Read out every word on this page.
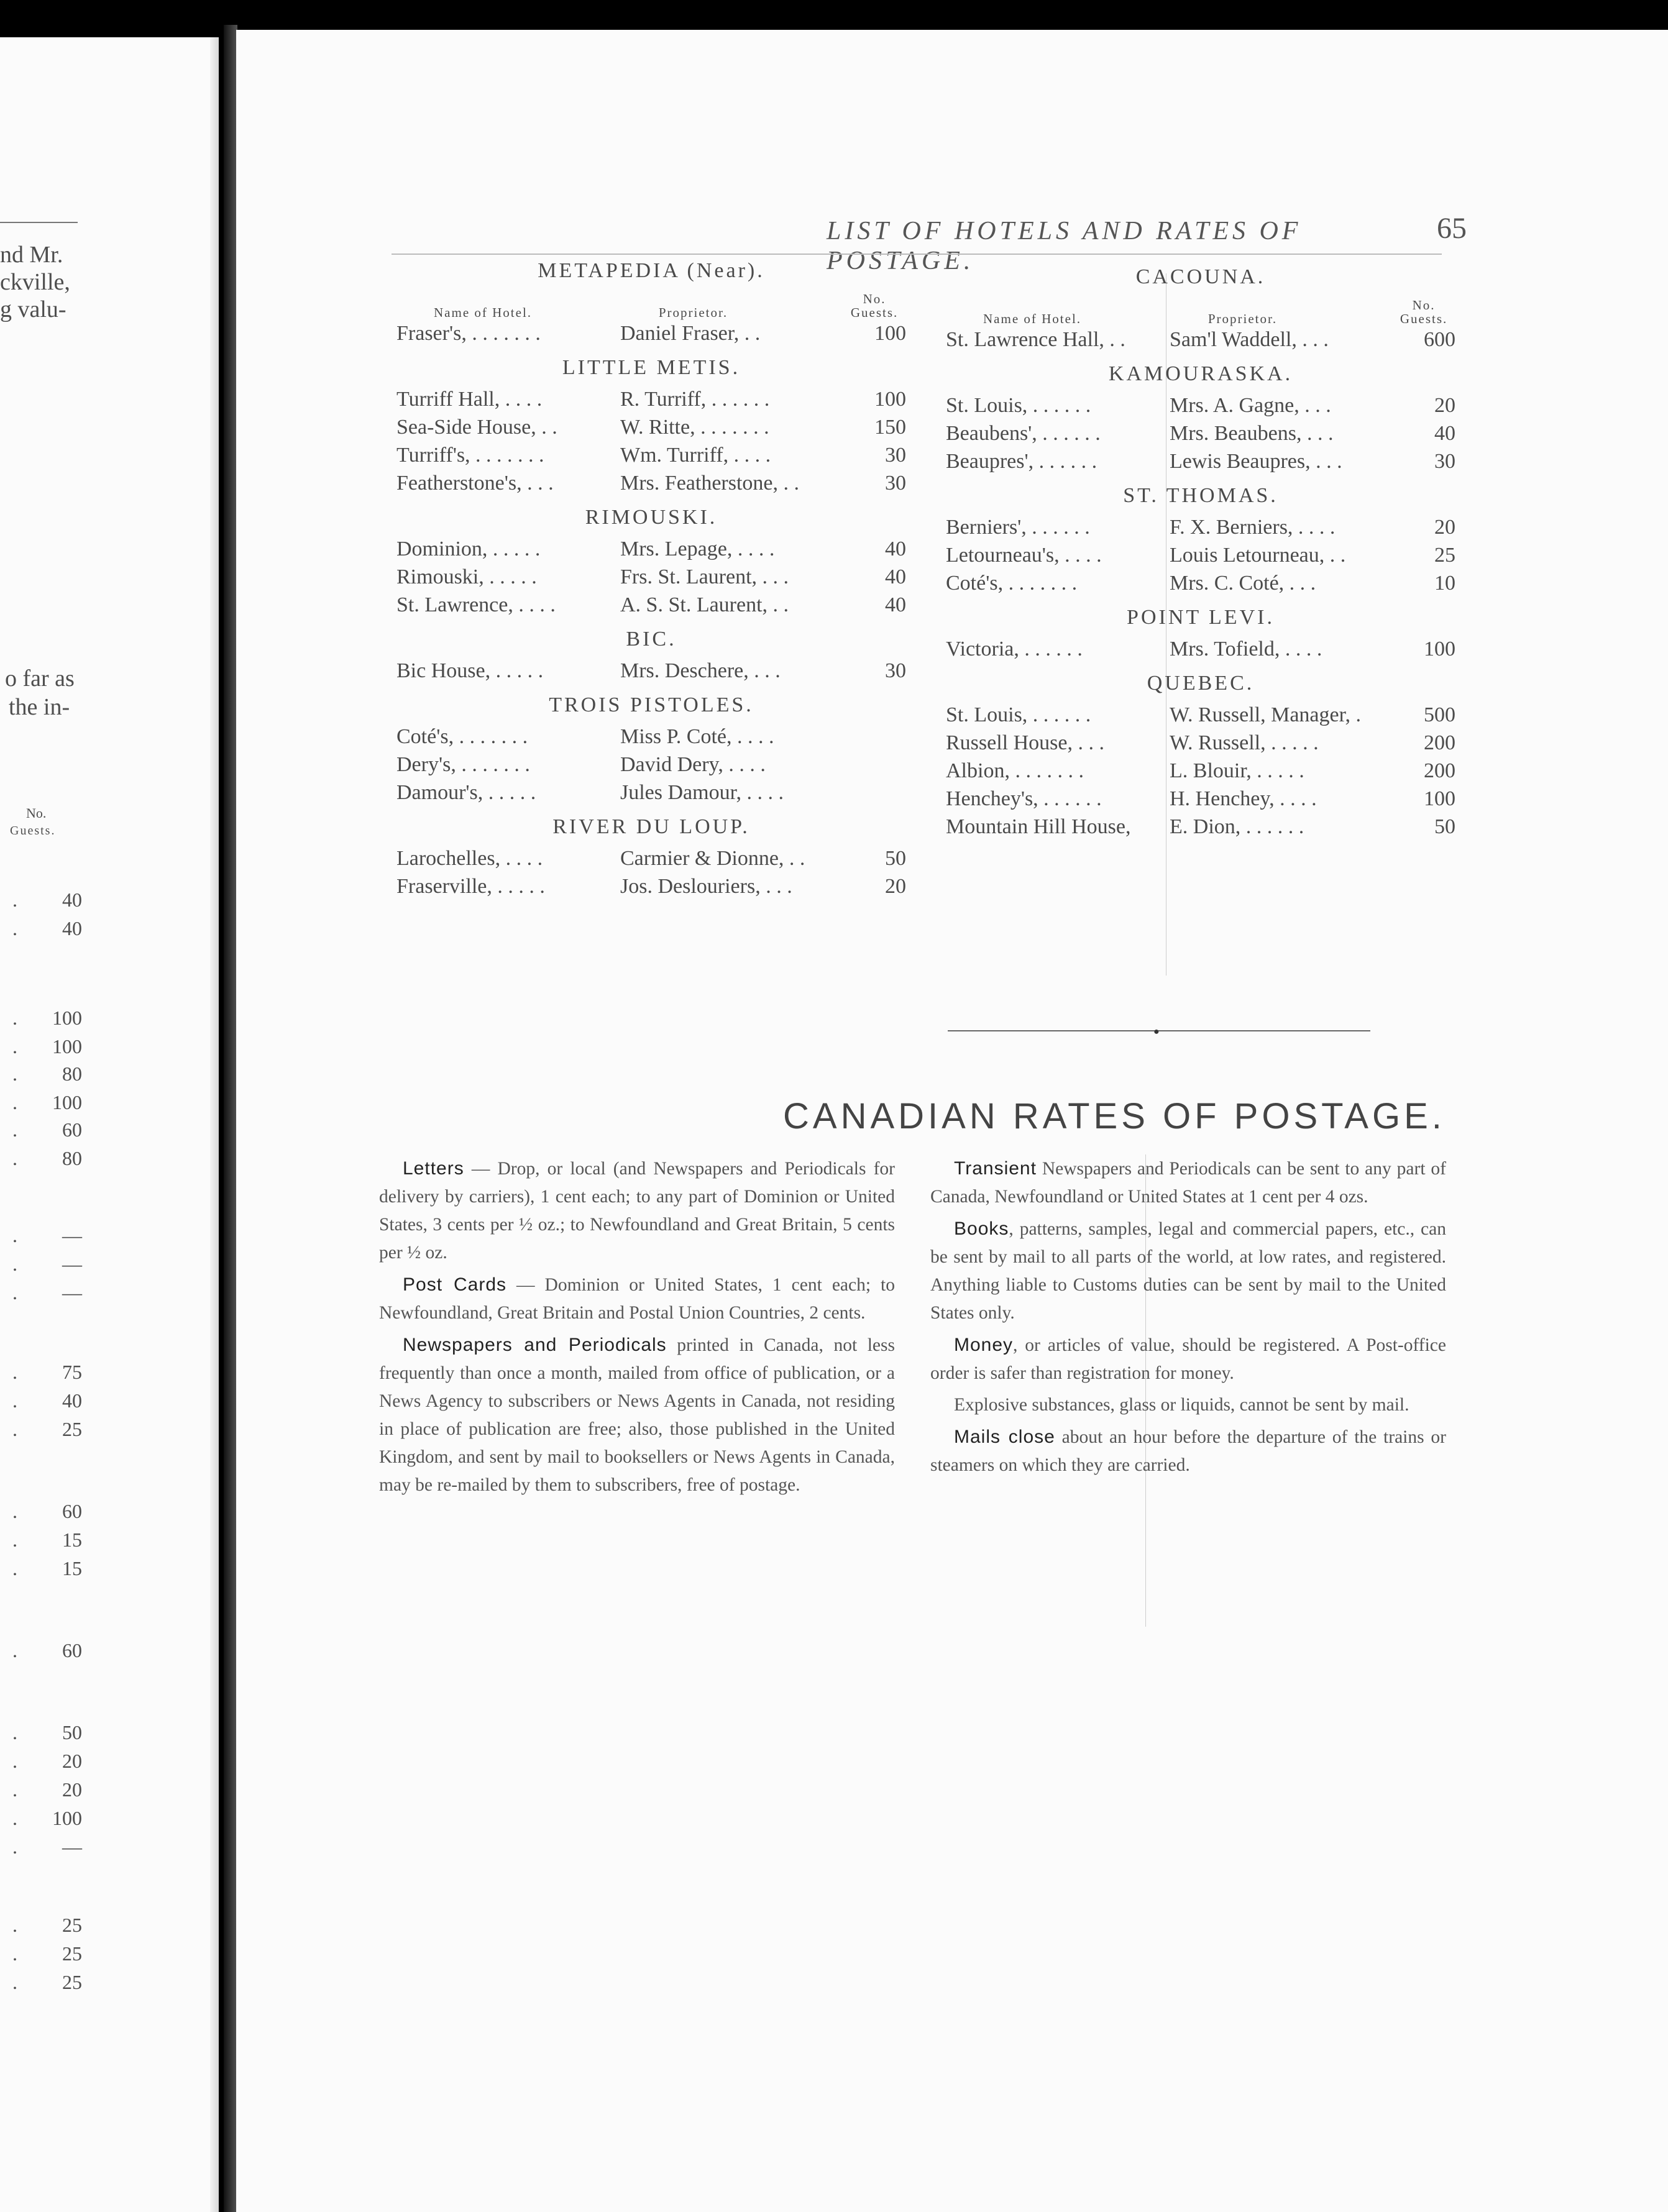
nd Mr.
ckville,
g valu-
o far as
the in-
No.
Guests.
. 40
. 40
. 100
. 100
. 80
. 100
. 60
. 80
. —
. —
. —
. 75
. 40
. 25
. 60
. 15
. 15
. 60
. 50
. 20
. 20
. 100
. —
. 25
. 25
. 25
LIST OF HOTELS AND RATES OF POSTAGE.
65
METAPEDIA (Near).
Name of Hotel.	Proprietor.
No.
Guests.
Fraser's, . . . . . . .	Daniel Fraser, . .	100
LITTLE METIS.
Turriff Hall, . . . .	R. Turriff, . . . . . .	100
Sea-Side House, . .	W. Ritte, . . . . . . .	150
Turriff's, . . . . . . .	Wm. Turriff, . . . .	30
Featherstone's, . . .	Mrs. Featherstone, . .	30
RIMOUSKI.
Dominion, . . . . .	Mrs. Lepage, . . . .	40
Rimouski, . . . . .	Frs. St. Laurent, . . .	40
St. Lawrence, . . . .	A. S. St. Laurent, . .	40
BIC.
Bic House, . . . . .	Mrs. Deschere, . . .	30
TROIS PISTOLES.
Coté's, . . . . . . .	Miss P. Coté, . . . .
Dery's, . . . . . . .	David Dery, . . . .
Damour's, . . . . .	Jules Damour, . . . .
RIVER DU LOUP.
Larochelles, . . . .	Carmier & Dionne, . .	50
Fraserville, . . . . .	Jos. Deslouriers, . . .	20
CACOUNA.
Name of Hotel.	Proprietor.
No.
Guests.
St. Lawrence Hall, . .	Sam'l Waddell, . . .	600
KAMOURASKA.
St. Louis, . . . . . .	Mrs. A. Gagne, . . .	20
Beaubens', . . . . . .	Mrs. Beaubens, . . .	40
Beaupres', . . . . . .	Lewis Beaupres, . . .	30
ST. THOMAS.
Berniers', . . . . . .	F. X. Berniers, . . . .	20
Letourneau's, . . . .	Louis Letourneau, . .	25
Coté's, . . . . . . .	Mrs. C. Coté, . . .	10
POINT LEVI.
Victoria, . . . . . .	Mrs. Tofield, . . . .	100
QUEBEC.
St. Louis, . . . . . .	W. Russell, Manager, .	500
Russell House, . . .	W. Russell, . . . . .	200
Albion, . . . . . . .	L. Blouir, . . . . .	200
Henchey's, . . . . . .	H. Henchey, . . . .	100
Mountain Hill House,	E. Dion, . . . . . .	50
●
CANADIAN RATES OF POSTAGE.

Letters — Drop, or local (and Newspapers and Periodicals for delivery by carriers), 1 cent each; to any part of Dominion or United States, 3 cents per ½ oz.; to Newfoundland and Great Britain, 5 cents per ½ oz.

Post Cards — Dominion or United States, 1 cent each; to Newfoundland, Great Britain and Postal Union Countries, 2 cents.

Newspapers and Periodicals printed in Canada, not less frequently than once a month, mailed from office of publication, or a News Agency to subscribers or News Agents in Canada, not residing in place of publication are free; also, those published in the United Kingdom, and sent by mail to booksellers or News Agents in Canada, may be re-mailed by them to subscribers, free of postage.

Transient Newspapers and Periodicals can be sent to any part of Canada, Newfoundland or United States at 1 cent per 4 ozs.

Books, patterns, samples, legal and commercial papers, etc., can be sent by mail to all parts of the world, at low rates, and registered. Anything liable to Customs duties can be sent by mail to the United States only.

Money, or articles of value, should be registered. A Post-office order is safer than registration for money.

Explosive substances, glass or liquids, cannot be sent by mail.

Mails close about an hour before the departure of the trains or steamers on which they are carried.
